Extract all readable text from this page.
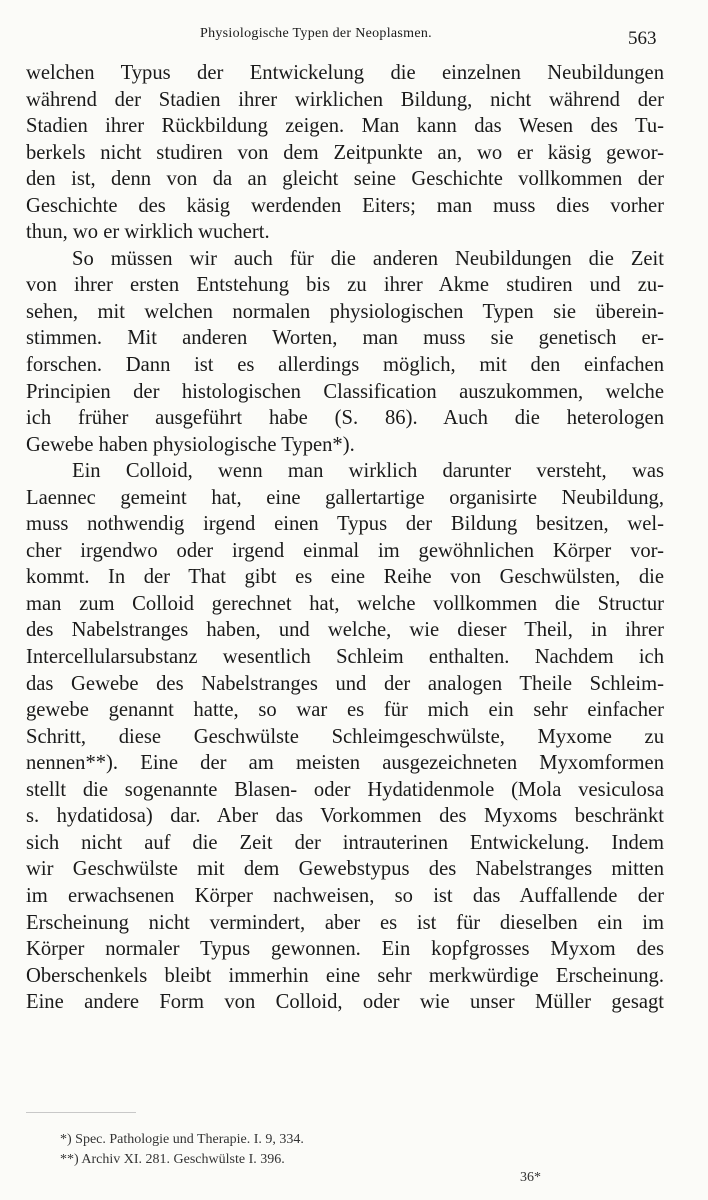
Physiologische Typen der Neoplasmen.	563
welchen Typus der Entwickelung die einzelnen Neubildungen
während der Stadien ihrer wirklichen Bildung, nicht während der
Stadien ihrer Rückbildung zeigen. Man kann das Wesen des Tu-
berkels nicht studiren von dem Zeitpunkte an, wo er käsig gewor-
den ist, denn von da an gleicht seine Geschichte vollkommen der
Geschichte des käsig werdenden Eiters; man muss dies vorher
thun, wo er wirklich wuchert.
So müssen wir auch für die anderen Neubildungen die Zeit
von ihrer ersten Entstehung bis zu ihrer Akme studiren und zu-
sehen, mit welchen normalen physiologischen Typen sie überein-
stimmen. Mit anderen Worten, man muss sie genetisch er-
forschen. Dann ist es allerdings möglich, mit den einfachen
Principien der histologischen Classification auszukommen, welche
ich früher ausgeführt habe (S. 86). Auch die heterologen
Gewebe haben physiologische Typen*).
Ein Colloid, wenn man wirklich darunter versteht, was
Laennec gemeint hat, eine gallertartige organisirte Neubildung,
muss nothwendig irgend einen Typus der Bildung besitzen, wel-
cher irgendwo oder irgend einmal im gewöhnlichen Körper vor-
kommt. In der That gibt es eine Reihe von Geschwülsten, die
man zum Colloid gerechnet hat, welche vollkommen die Structur
des Nabelstranges haben, und welche, wie dieser Theil, in ihrer
Intercellularsubstanz wesentlich Schleim enthalten. Nachdem ich
das Gewebe des Nabelstranges und der analogen Theile Schleim-
gewebe genannt hatte, so war es für mich ein sehr einfacher
Schritt, diese Geschwülste Schleimgeschwülste, Myxome zu
nennen**). Eine der am meisten ausgezeichneten Myxomformen
stellt die sogenannte Blasen- oder Hydatidenmole (Mola vesiculosa
s. hydatidosa) dar. Aber das Vorkommen des Myxoms beschränkt
sich nicht auf die Zeit der intrauterinen Entwickelung. Indem
wir Geschwülste mit dem Gewebstypus des Nabelstranges mitten
im erwachsenen Körper nachweisen, so ist das Auffallende der
Erscheinung nicht vermindert, aber es ist für dieselben ein im
Körper normaler Typus gewonnen. Ein kopfgrosses Myxom des
Oberschenkels bleibt immerhin eine sehr merkwürdige Erscheinung.
Eine andere Form von Colloid, oder wie unser Müller gesagt
*) Spec. Pathologie und Therapie. I. 9, 334.
**) Archiv XI. 281. Geschwülste I. 396.
36*
